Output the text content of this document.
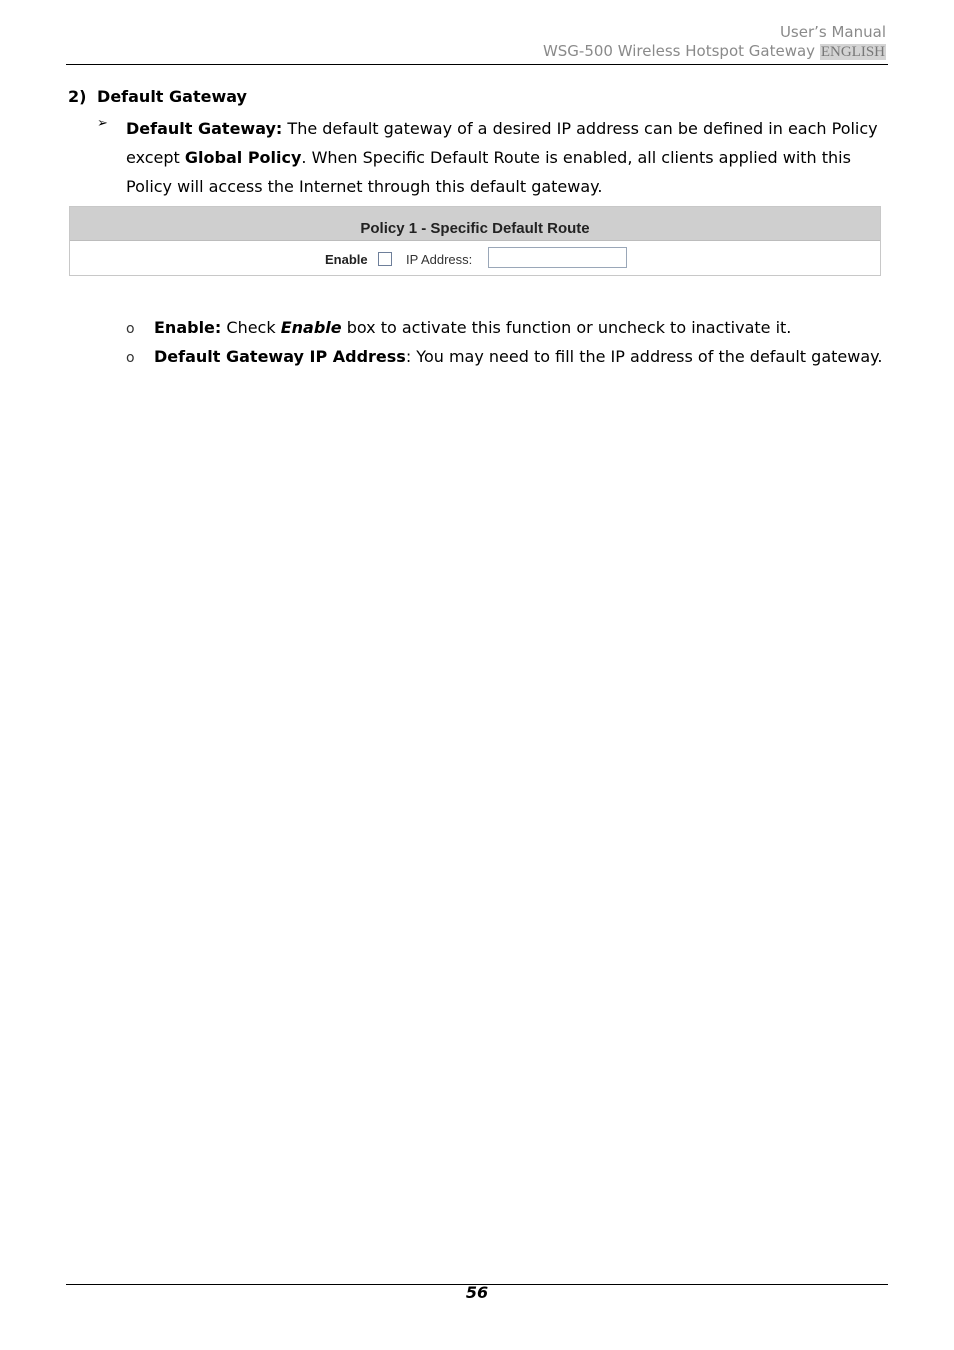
User’s Manual
WSG-500 Wireless Hotspot Gateway ENGLISH
2) Default Gateway
➢ Default Gateway: The default gateway of a desired IP address can be defined in each Policy except Global Policy. When Specific Default Route is enabled, all clients applied with this Policy will access the Internet through this default gateway.
Policy 1 - Specific Default Route
Enable	IP Address:
o Enable: Check Enable box to activate this function or uncheck to inactivate it.
o Default Gateway IP Address: You may need to fill the IP address of the default gateway.
56
